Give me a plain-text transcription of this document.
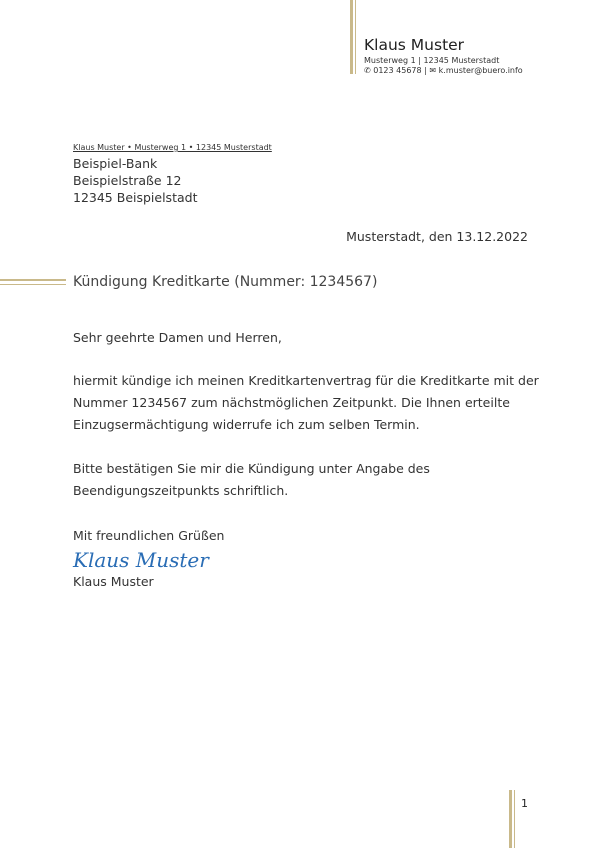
Klaus Muster
Musterweg 1 | 12345 Musterstadt
✆ 0123 45678 | ✉ k.muster@buero.info
Klaus Muster • Musterweg 1 • 12345 Musterstadt
Beispiel-Bank
Beispielstraße 12
12345 Beispielstadt
Musterstadt, den 13.12.2022
Kündigung Kreditkarte (Nummer: 1234567)
Sehr geehrte Damen und Herren,
hiermit kündige ich meinen Kreditkartenvertrag für die Kreditkarte mit der Nummer 1234567 zum nächstmöglichen Zeitpunkt. Die Ihnen erteilte Einzugsermächtigung widerrufe ich zum selben Termin.
Bitte bestätigen Sie mir die Kündigung unter Angabe des Beendigungszeitpunkts schriftlich.
Mit freundlichen Grüßen
Klaus Muster
Klaus Muster
1
